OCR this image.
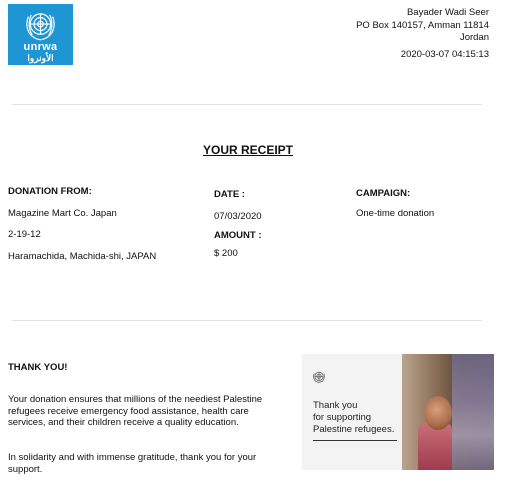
unrwa
الأونروا
Bayader Wadi Seer
PO Box 140157, Amman 11814
Jordan
2020-03-07 04:15:13
YOUR RECEIPT
DONATION FROM:
Magazine Mart Co. Japan
2-19-12
Haramachida, Machida-shi, JAPAN
DATE :
07/03/2020
AMOUNT :
$ 200
CAMPAIGN:
One-time donation
THANK YOU!
Your donation ensures that millions of the neediest Palestine refugees receive emergency food assistance, health care services, and their children receive a quality education.
In solidarity and with immense gratitude, thank you for your support.
Thank you
for supporting
Palestine refugees.
